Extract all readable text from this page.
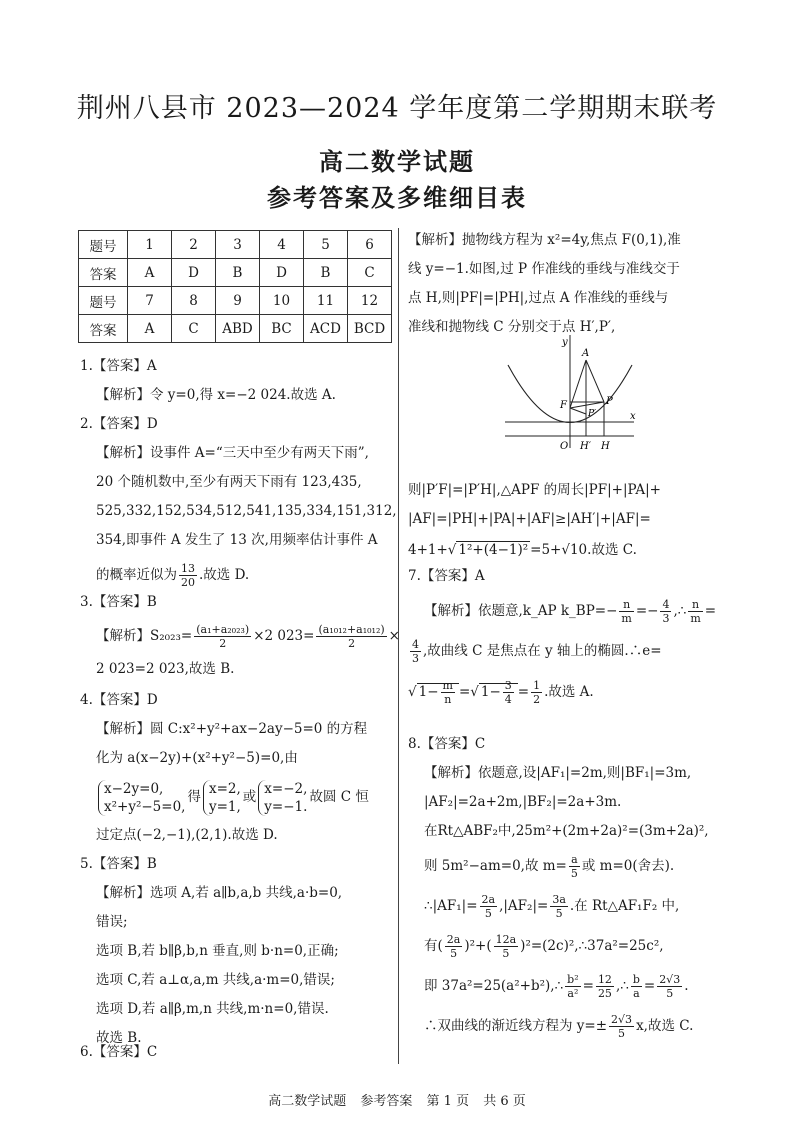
荆州八县市 2023—2024 学年度第二学期期末联考
高二数学试题
参考答案及多维细目表
题号	1	2	3	4	5	6
答案	A	D	B	D	B	C
题号	7	8	9	10	11	12
答案	A	C	ABD	BC	ACD	BCD
1.【答案】A
【解析】令 y=0,得 x=−2 024.故选 A.
2.【答案】D
【解析】设事件 A=“三天中至少有两天下雨”,
20 个随机数中,至少有两天下雨有 123,435,
525,332,152,534,512,541,135,334,151,312,
354,即事件 A 发生了 13 次,用频率估计事件 A
的概率近似为 $\frac{13}{20}$ .故选 D.
3.【答案】B
【解析】$S_{2023}= \frac{\text{(a₁+a₂₀₂₃)}}{2} \times 2$ $023= \frac{\text{(a₁₀₁₂+a₁₀₁₂)}}{2}$ ×
2 023=2 023,故选 B.
4.【答案】D
【解析】圆 C:x²+y²+ax−2ay−5=0 的方程
化为 a(x−2y)+(x²+y²−5)=0,由
x−2y=0,
x²+y²−5=0,
得
x=2,
y=1,
或
x=−2,
y=−1.
故圆 C 恒
过定点(−2,−1),(2,1).故选 D.
5.【答案】B
【解析】选项 A,若 a∥b,a,b 共线,a·b=0,
错误;
选项 B,若 b∥β,b,n 垂直,则 b·n=0,正确;
选项 C,若 a⊥α,a,m 共线,a·m=0,错误;
选项 D,若 a∥β,m,n 共线,m·n=0,错误.
故选 B.
6.【答案】C
【解析】抛物线方程为 x²=4y,焦点 F(0,1),准
线 y=−1.如图,过 P 作准线的垂线与准线交于
点 H,则|PF|=|PH|,过点 A 作准线的垂线与
准线和抛物线 C 分别交于点 H′,P′,
y
x
A
F	P
P′
O H′ H
则|P′F|=|P′H|,△APF 的周长|PF|+|PA|+
|AF|=|PH|+|PA|+|AF|≥|AH′|+|AF|=
4+1+√ 1²+(4−1)² =5+√10.故选 C.
7.【答案】A
【解析】依题意,k_AP k_BP=− $\frac{n}{m} =- \frac{4}{3}$ ,∴ $\frac{n}{m}$ =
$\frac{4}{3}$ ,故曲线 C 是焦点在 y 轴上的椭圆.∴e=
√ $1- \frac{m}{n}$ =√ $1- \frac{3}{4} = \frac{1}{2}$ .故选 A.
8.【答案】C
【解析】依题意,设|AF₁|=2m,则|BF₁|=3m,
|AF₂|=2a+2m,|BF₂|=2a+3m.
在Rt△ABF₂中,25m²+(2m+2a)²=(3m+2a)²,
则 5m²−am=0,故 $m= \frac{a}{5}$ 或 m=0(舍去).
∴|AF₁|= $\frac{2a}{5} ,|AF_2|= \frac{3a}{5}$ .在 Rt△AF₁F₂ 中,
有( $\frac{2a}{5} )^2+( \frac{12a}{5}$ )²=(2c)²,∴37a²=25c²,
即 37a²=25(a²+b²),∴ $\frac{\text{b²}}{\text{a²}} = \frac{12}{25}$ ,∴ $\frac{b}{a} = \frac{2√3}{5}$ .
∴双曲线的渐近线方程为 $y=\pm \frac{2√3}{5} x$,故选 C.
高二数学试题 参考答案 第 1 页 共 6 页
